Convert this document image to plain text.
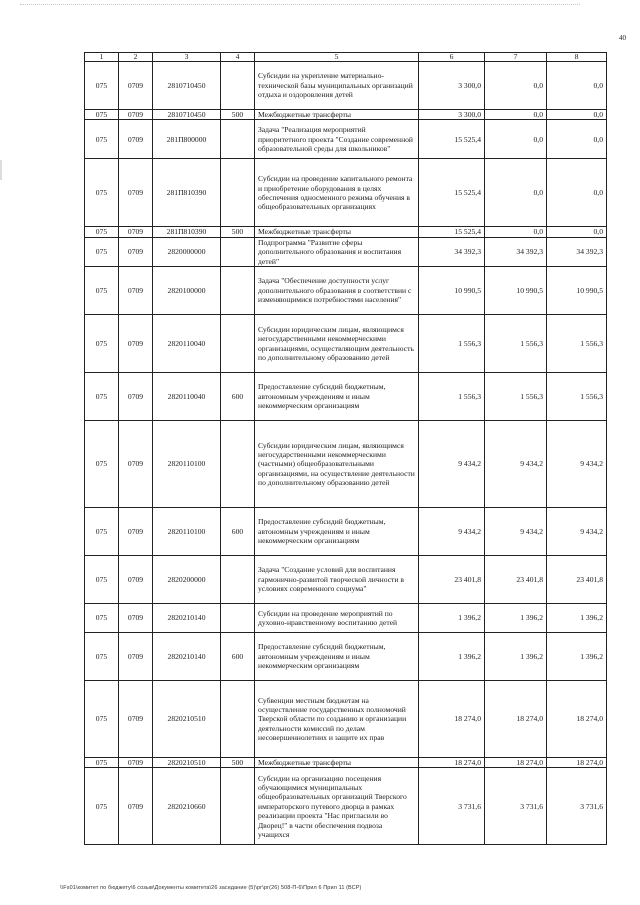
40
1	2	3	4	5	6	7	8
075	0709	2810710450		Субсидии на укрепление материально-технической базы муниципальных организаций отдыха и оздоровления детей	3 300,0	0,0	0,0
075	0709	2810710450	500	Межбюджетные трансферты	3 300,0	0,0	0,0
075	0709	281П800000		Задача "Реализация мероприятий приоритетного проекта "Создание современной образовательной среды для школьников"	15 525,4	0,0	0,0
075	0709	281П810390		Субсидии на проведение капитального ремонта и приобретение оборудования в целях обеспечения односменного режима обучения в общеобразовательных организациях	15 525,4	0,0	0,0
075	0709	281П810390	500	Межбюджетные трансферты	15 525,4	0,0	0,0
075	0709	2820000000		Подпрограмма "Развитие сферы дополнительного образования и воспитания детей"	34 392,3	34 392,3	34 392,3
075	0709	2820100000		Задача "Обеспечение доступности услуг дополнительного образования в соответствии с изменяющимися потребностями населения"	10 990,5	10 990,5	10 990,5
075	0709	2820110040		Субсидии юридическим лицам, являющимся негосударственными некоммерческими организациями, осуществляющим деятельность по дополнительному образованию детей	1 556,3	1 556,3	1 556,3
075	0709	2820110040	600	Предоставление субсидий бюджетным, автономным учреждениям и иным некоммерческим организациям	1 556,3	1 556,3	1 556,3
075	0709	2820110100		Субсидии юридическим лицам, являющимся негосударственными некоммерческими (частными) общеобразовательными организациями, на осуществление деятельности по дополнительному образованию детей	9 434,2	9 434,2	9 434,2
075	0709	2820110100	600	Предоставление субсидий бюджетным, автономным учреждениям и иным некоммерческим организациям	9 434,2	9 434,2	9 434,2
075	0709	2820200000		Задача "Создание условий для воспитания гармонично-развитой творческой личности в условиях современного социума"	23 401,8	23 401,8	23 401,8
075	0709	2820210140		Субсидии на проведение мероприятий по духовно-нравственному воспитанию детей	1 396,2	1 396,2	1 396,2
075	0709	2820210140	600	Предоставление субсидий бюджетным, автономным учреждениям и иным некоммерческим организациям	1 396,2	1 396,2	1 396,2
075	0709	2820210510		Субвенции местным бюджетам на осуществление государственных полномочий Тверской области по созданию и организации деятельности комиссий по делам несовершеннолетних и защите их прав	18 274,0	18 274,0	18 274,0
075	0709	2820210510	500	Межбюджетные трансферты	18 274,0	18 274,0	18 274,0
075	0709	2820210660		Субсидии на организацию посещения обучающимися муниципальных общеобразовательных организаций Тверского императорского путевого дворца в рамках реализации проекта "Нас пригласили во Дворец!" в части обеспечения подвоза учащихся	3 731,6	3 731,6	3 731,6
\\Fs01\комитет по бюджету\6 созыв\Документы комитета\26 заседание (5)\рг\рг(26) 508-П-6\Прил 6 Прил 11 (ВСР)
